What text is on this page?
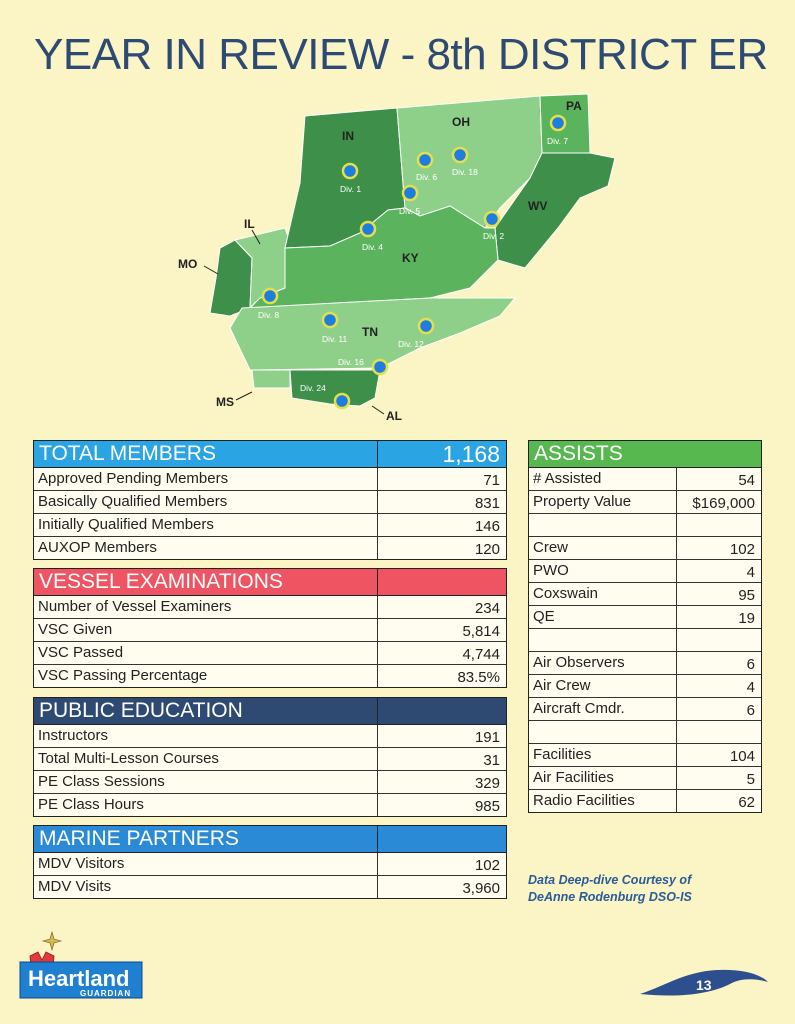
YEAR IN REVIEW - 8th DISTRICT ER
IN
OH
PA
WV
KY
IL
MO
TN
MS
AL
Div. 1
Div. 6 Div. 18
Div. 7
Div. 5
Div. 2
Div. 4
Div. 8
Div. 11	Div. 12
Div. 16
Div. 24
TOTAL MEMBERS	1,168
Approved Pending Members	71
Basically Qualified Members	831
Initially Qualified Members	146
AUXOP Members	120
VESSEL EXAMINATIONS
Number of Vessel Examiners	234
VSC Given	5,814
VSC Passed	4,744
VSC Passing Percentage	83.5%
PUBLIC EDUCATION
Instructors	191
Total Multi-Lesson Courses	31
PE Class Sessions	329
PE Class Hours	985
MARINE PARTNERS
MDV Visitors	102
MDV Visits	3,960
ASSISTS
# Assisted	54
Property Value	$169,000
Crew	102
PWO	4
Coxswain	95
QE	19
Air Observers	6
Air Crew	4
Aircraft Cmdr.	6
Facilities	104
Air Facilities	5
Radio Facilities	62
Data Deep-dive Courtesy of
DeAnne Rodenburg DSO-IS
Heartland
GUARDIAN
13
